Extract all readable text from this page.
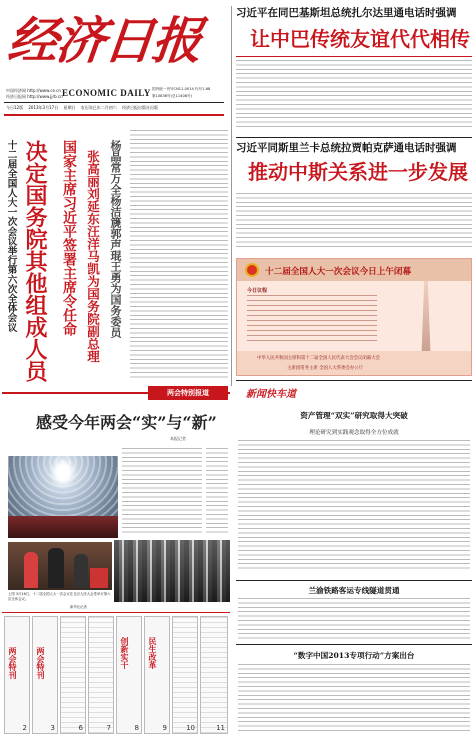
经济日报
中国经济网 http://www.ce.cn
经济日报网 http://www.jjrb.cn ECONOMIC DAILY 国内统一刊号CN11-0014 代号1-68
第10836号(总11408号)
今日12版 2013年3月17日 星期日 农历癸巳年二月初六 经济日报出版社出版
习近平在同巴基斯坦总统扎尔达里通电话时强调
让中巴传统友谊代代相传
习近平同斯里兰卡总统拉贾帕克萨通电话时强调
推动中斯关系进一步发展
十二届全国人大一次会议今日上午闭幕
今日议程
中华人民共和国主席和第十二届全国人民代表大会会议闭幕大会
主席团常务主席 全国人大常委会办公厅
十二届全国人大一次会议举行第六次全体会议 决定国务院其他组成人员 国家主席习近平签署主席令任命 张高丽刘延东汪洋马凯为国务院副总理 杨晶常万全杨洁篪郭声琨王勇为国务委员
两会特别报道
感受今年两会“实”与“新”
本报记者
上图 3月16日，十二届全国人大一次会议在北京人民大会堂举行第六次全体会议。
新华社记者
新闻快车道
资产管理“双实”研究取得大突破
理论研究到实践观念取得全方位成就
兰渝铁路客运专线隧道贯通
“数字中国2013专项行动”方案出台
两会特刊
2
两会特刊
3	6	7
创新实干
8
民生改革
9	10	11
